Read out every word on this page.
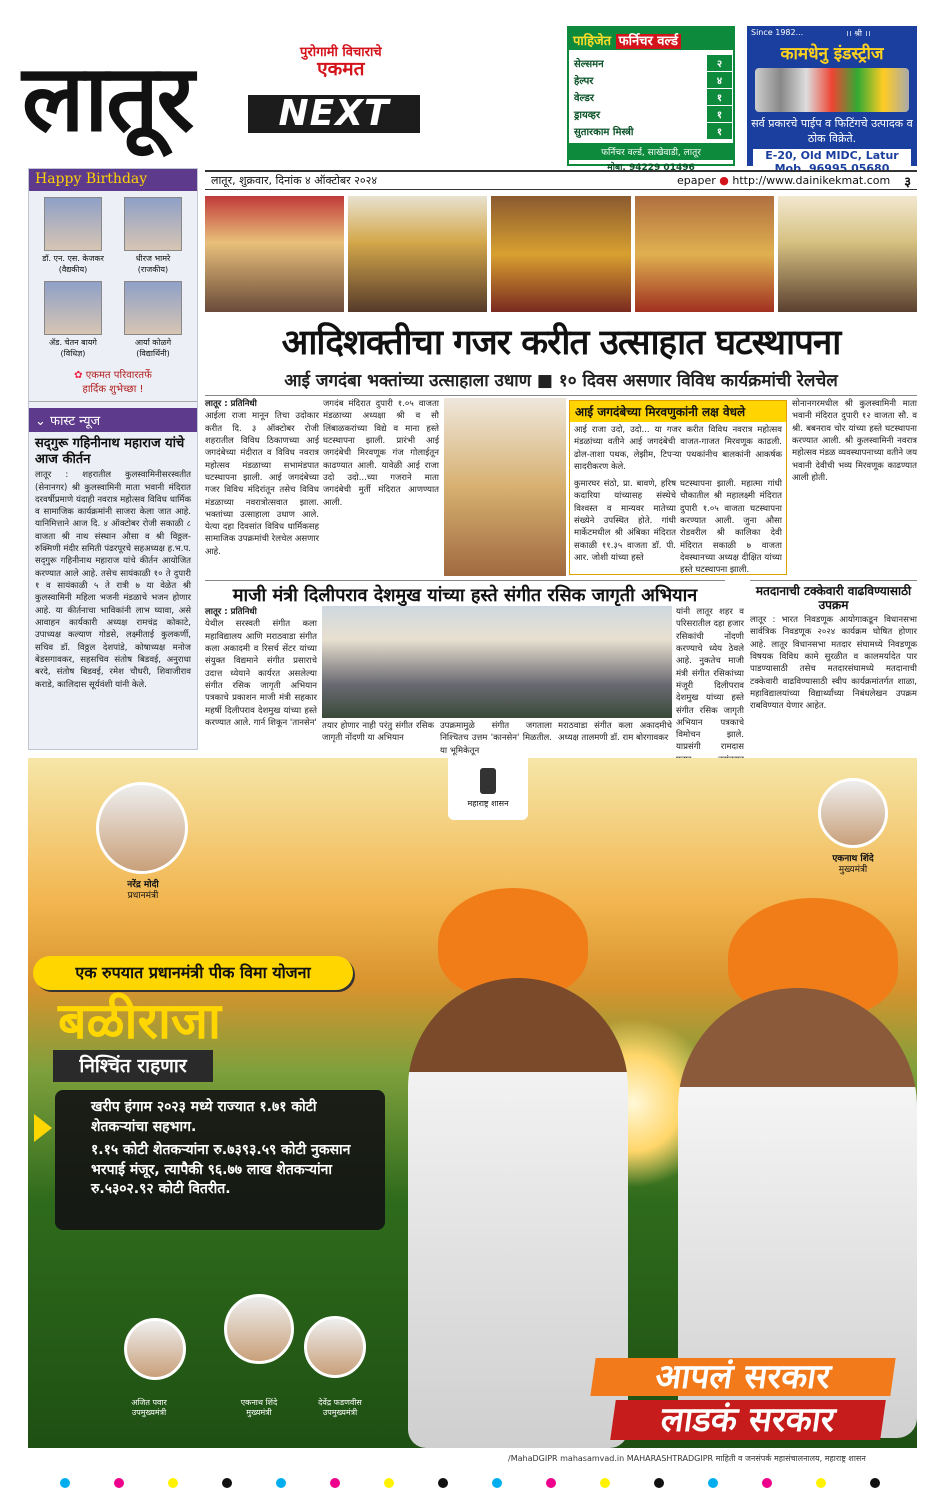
लातूर	पुरोगामी विचाराचे
एकमत
NEXT
पाहिजेत फर्निचर वर्ल्ड
सेल्समन	२
हेल्पर	४
वेल्डर	१
ड्रायव्हर	१
सुतारकाम मिस्त्री	१
फर्निचर वर्ल्ड, साखेवाडी, लातूर
मोबा. 94229 01496
Since 1982...	।। श्री ।।
कामधेनु इंडस्ट्रीज
सर्व प्रकारचे पाईप व फिटिंगचे उत्पादक व ठोक विक्रेते.
E-20, Old MIDC, Latur
Mob. 96995 05680
लातूर, शुक्रवार, दिनांक ४ ऑक्टोबर २०२४	epaper ● http://www.dainikekmat.com ३
Happy Birthday
डॉ. एन. एस. केजकर
(वैद्यकीय)
धीरज भामरे
(राजकीय)
ॲड. चेतन बायगे
(विधिज्ञ)
आर्या कोळगे
(विद्यार्थिनी)
✿ एकमत परिवारतर्फे
हार्दिक शुभेच्छा !
⌄ फास्ट न्यूज
सद्‌गुरू गहिनीनाथ महाराज यांचे आज कीर्तन
लातूर : शहरातील कुलस्वामिनीसरस्वतीत (सेनानगर) श्री कुलस्वामिनी माता भवानी मंदिरात दरवर्षीप्रमाणे यंदाही नवरात्र महोत्सव विविध धार्मिक व सामाजिक कार्यक्रमांनी साजरा केला जात आहे. यानिमित्ताने आज दि. ४ ऑक्टोबर रोजी सकाळी ८ वाजता श्री नाथ संस्थान औसा व श्री विठ्ठल-रुक्मिणी मंदीर समिती पंढरपूरचे सहअध्यक्ष ह.भ.प. सद्‌गुरू गहिनीनाथ महाराज यांचे कीर्तन आयोजित करण्यात आले आहे. तसेच सायंकाळी १० ते दुपारी १ व सायंकाळी ५ ते रात्री ७ या वेळेत श्री कुलस्वामिनी महिला भजनी मंडळाचे भजन होणार आहे. या कीर्तनाचा भाविकांनी लाभ घ्यावा, असे आवाहन कार्यकारी अध्यक्ष रामचंद्र कोकाटे, उपाध्यक्ष कल्याण गोडसे, लक्ष्मीताई कुलकर्णी, सचिव डॉ. विठ्ठल देशपांडे, कोषाध्यक्ष मनोज बेडसगावकर, सहसचिव संतोष बिडवई, अनुराधा बरदे, संतोष बिडवई, रमेश चौधरी, शिवाजीराव कराडे, कालिदास सूर्यवंशी यांनी केले.
आदिशक्तीचा गजर करीत उत्साहात घटस्थापना
आई जगदंबा भक्तांच्या उत्साहाला उधाण ■ १० दिवस असणार विविध कार्यक्रमांची रेलचेल
लातूर : प्रतिनिधी
आईला राजा मानून तिचा उदोकार करीत दि. ३ ऑक्टोबर रोजी शहरातील विविध ठिकाणच्या आई जगदंबेच्या मंदीरात व विविध नवरात्र महोत्सव मंडळाच्या सभामंडपात घटस्थापना झाली. आई जगदंबेच्या गजर विविध मंदिरांतून तसेच विविध मंडळाच्या नवरात्रोत्सवात झाला. भक्तांच्या उत्साहाला उधाण आले. येत्या दहा दिवसांत विविध धार्मिकसह सामाजिक उपक्रमांची रेलचेल असणार आहे.
जगदंब मंदिरात दुपारी १.०५ वाजता मंडळाच्या अध्यक्षा श्री व सौ लिंबाळकरांच्या विद्ये व माना हस्ते घटस्थापना झाली. प्रारंभी आई जगदंबेची मिरवणूक गंज गोलाईतून काढण्यात आली. यावेळी आई राजा उदो उदो...च्या गजराने माता जगदंबेची मुर्ती मंदिरात आणण्यात आली.
आई जगदंबेच्या मिरवणुकांनी लक्ष वेधले
आई राजा उदो, उदो... या गजर करीत विविध नवरात्र महोत्सव मंडळांच्या वतीने आई जगदंबेची वाजत-गाजत मिरवणूक काढली. ढोल-ताशा पथक, लेझीम, टिपऱ्या पथकांनीच बालकांनी आकर्षक सादरीकरण केले.
कुमारघर संठो, प्रा. बावणे, हरिष कदारिया यांच्यासह संस्थेचे विश्वस्त व मान्यवर मातेच्या संख्येने उपस्थित होते. गांधी मार्केटमधील श्री अंबिका मंदिरात सकाळी ११.३५ वाजता डॉ. पी. आर. जोशी यांच्या हस्ते
घटस्थापना झाली. महात्मा गांधी चौकातील श्री महालक्ष्मी मंदिरात दुपारी १.०५ वाजता घटस्थापना करण्यात आली. जुना औसा रोडवरील श्री कालिका देवी मंदिरात सकाळी ७ वाजता देवस्थानच्या अध्यक्ष दीक्षित यांच्या हस्ते घटस्थापना झाली.
सोनानगरमधील श्री कुलस्वामिनी माता भवानी मंदिरात दुपारी १२ वाजता सौ. व श्री. बबनराव चोर यांच्या हस्ते घटस्थापना करण्यात आली. श्री कुलस्वामिनी नवरात्र महोत्सव मंडळ व्यवस्थापनाच्या वतीने जय भवानी देवीची भव्य मिरवणूक काढण्यात आली होती.
माजी मंत्री दिलीपराव देशमुख यांच्या हस्ते संगीत रसिक जागृती अभियान	मतदानाची टक्केवारी वाढविण्यासाठी उपक्रम
लातूर : प्रतिनिधी
येथील सरस्वती संगीत कला महाविद्यालय आणि मराठवाडा संगीत कला अकादमी व रिसर्च सेंटर यांच्या संयुक्त विद्यमाने संगीत प्रसाराचे उदात्त ध्येयाने कार्यरत असलेल्या संगीत रसिक जागृती अभियान पत्रकाचे प्रकाशन माजी मंत्री सहकार महर्षी दिलीपराव देशमुख यांच्या हस्ते करण्यात आले. गार्न शिकून 'तानसेन' तयार होणार नाही परंतु संगीत रसिक जागृती नोंदणी या अभियान
उपक्रमामुळे संगीत जगताला निश्चितच उत्तम 'कानसेन' मिळतील. या भूमिकेतून
मराठवाडा संगीत कला अकादमीचे अध्यक्ष तालमणी डॉ. राम बोरगावकर
यांनी लातूर शहर व परिसरातील दहा हजार रसिकांची नोंदणी करण्याचे ध्येय ठेवले आहे. नुकतेच माजी मंत्री संगीत रसिकांच्या मंजूरी दिलीपराव देशमुख यांच्या हस्ते संगीत रसिक जागृती अभियान पत्रकाचे विमोचन झाले. याप्रसंगी रामदास
लातूर : भारत निवडणूक आयोगाकडून विधानसभा सार्वत्रिक निवडणूक २०२४ कार्यक्रम घोषित होणार आहे. लातूर विधानसभा मतदार संघामध्ये निवडणूक विषयक विविध कामे सुरळीत व कालमर्यादेत पार पाडण्यासाठी तसेच मतदारसंघामध्ये मतदानाची टक्केवारी वाढविण्यासाठी स्वीप कार्यक्रमांतर्गत शाळा, महाविद्यालयांच्या विद्यार्थ्यांच्या निबंधलेखन उपक्रम राबविण्यात येणार आहेत.
महाराष्ट्र शासन
नरेंद्र मोदी
प्रधानमंत्री
एकनाथ शिंदे
मुख्यमंत्री
एक रुपयात प्रधानमंत्री पीक विमा योजना
बळीराजा
निश्चिंत राहणार
खरीप हंगाम २०२३ मध्ये राज्यात १.७१ कोटी शेतकऱ्यांचा सहभाग.
१.१५ कोटी शेतकऱ्यांना रु.७३९३.५९ कोटी नुकसान भरपाई मंजूर, त्यापैकी ९६.७७ लाख शेतकऱ्यांना रु.५३०२.९२ कोटी वितरीत.
अजित पवार
उपमुख्यमंत्री
एकनाथ शिंदे
मुख्यमंत्री
देवेंद्र फडणवीस
उपमुख्यमंत्री
आपलं सरकार
लाडकं सरकार
/MahaDGIPR mahasamvad.in MAHARASHTRADGIPR माहिती व जनसंपर्क महासंचालनालय, महाराष्ट्र शासन
